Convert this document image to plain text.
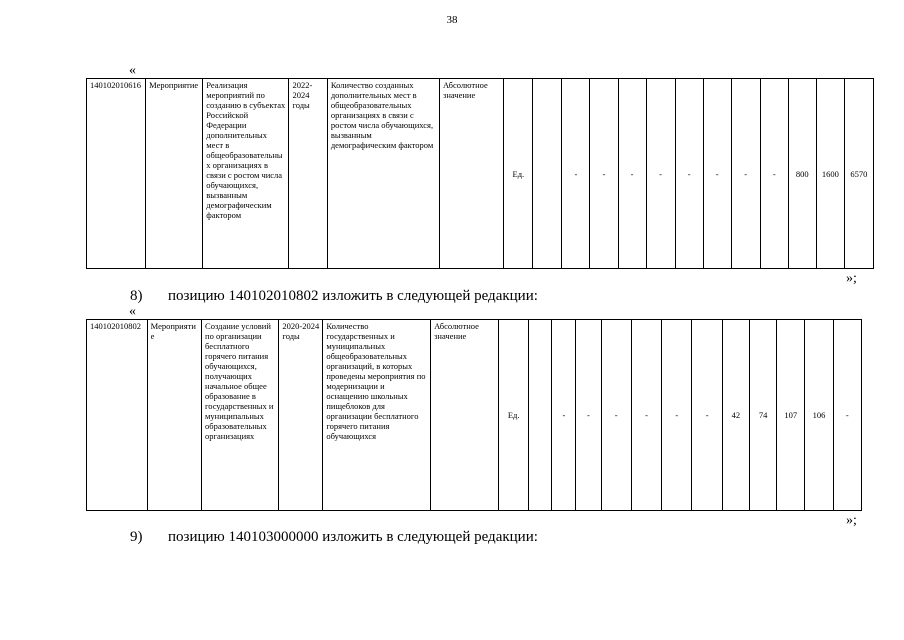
38
«
140102010616	Мероприятие	Реализация мероприятий по созданию в субъектах Российской Федерации дополнительных мест в общеобразовательных организациях в связи с ростом числа обучающихся, вызванным демографическим фактором	2022-2024 годы	Количество созданных дополнительных мест в общеобразовательных организациях в связи с ростом числа обучающихся, вызванным демографическим фактором	Абсолютное значение	Ед.		-	-	-	-	-	-	-	-	800	1600	6570
»;
8) позицию 140102010802 изложить в следующей редакции:
«
140102010802	Мероприятие	Создание условий по организации бесплатного горячего питания обучающихся, получающих начальное общее образование в государственных и муниципальных образовательных организациях	2020-2024 годы	Количество государственных и муниципальных общеобразовательных организаций, в которых проведены мероприятия по модернизации и оснащению школьных пищеблоков для организации бесплатного горячего питания обучающихся	Абсолютное значение	Ед.		-	-	-	-	-	-	42	74	107	106	-
»;
9) позицию 140103000000 изложить в следующей редакции:
